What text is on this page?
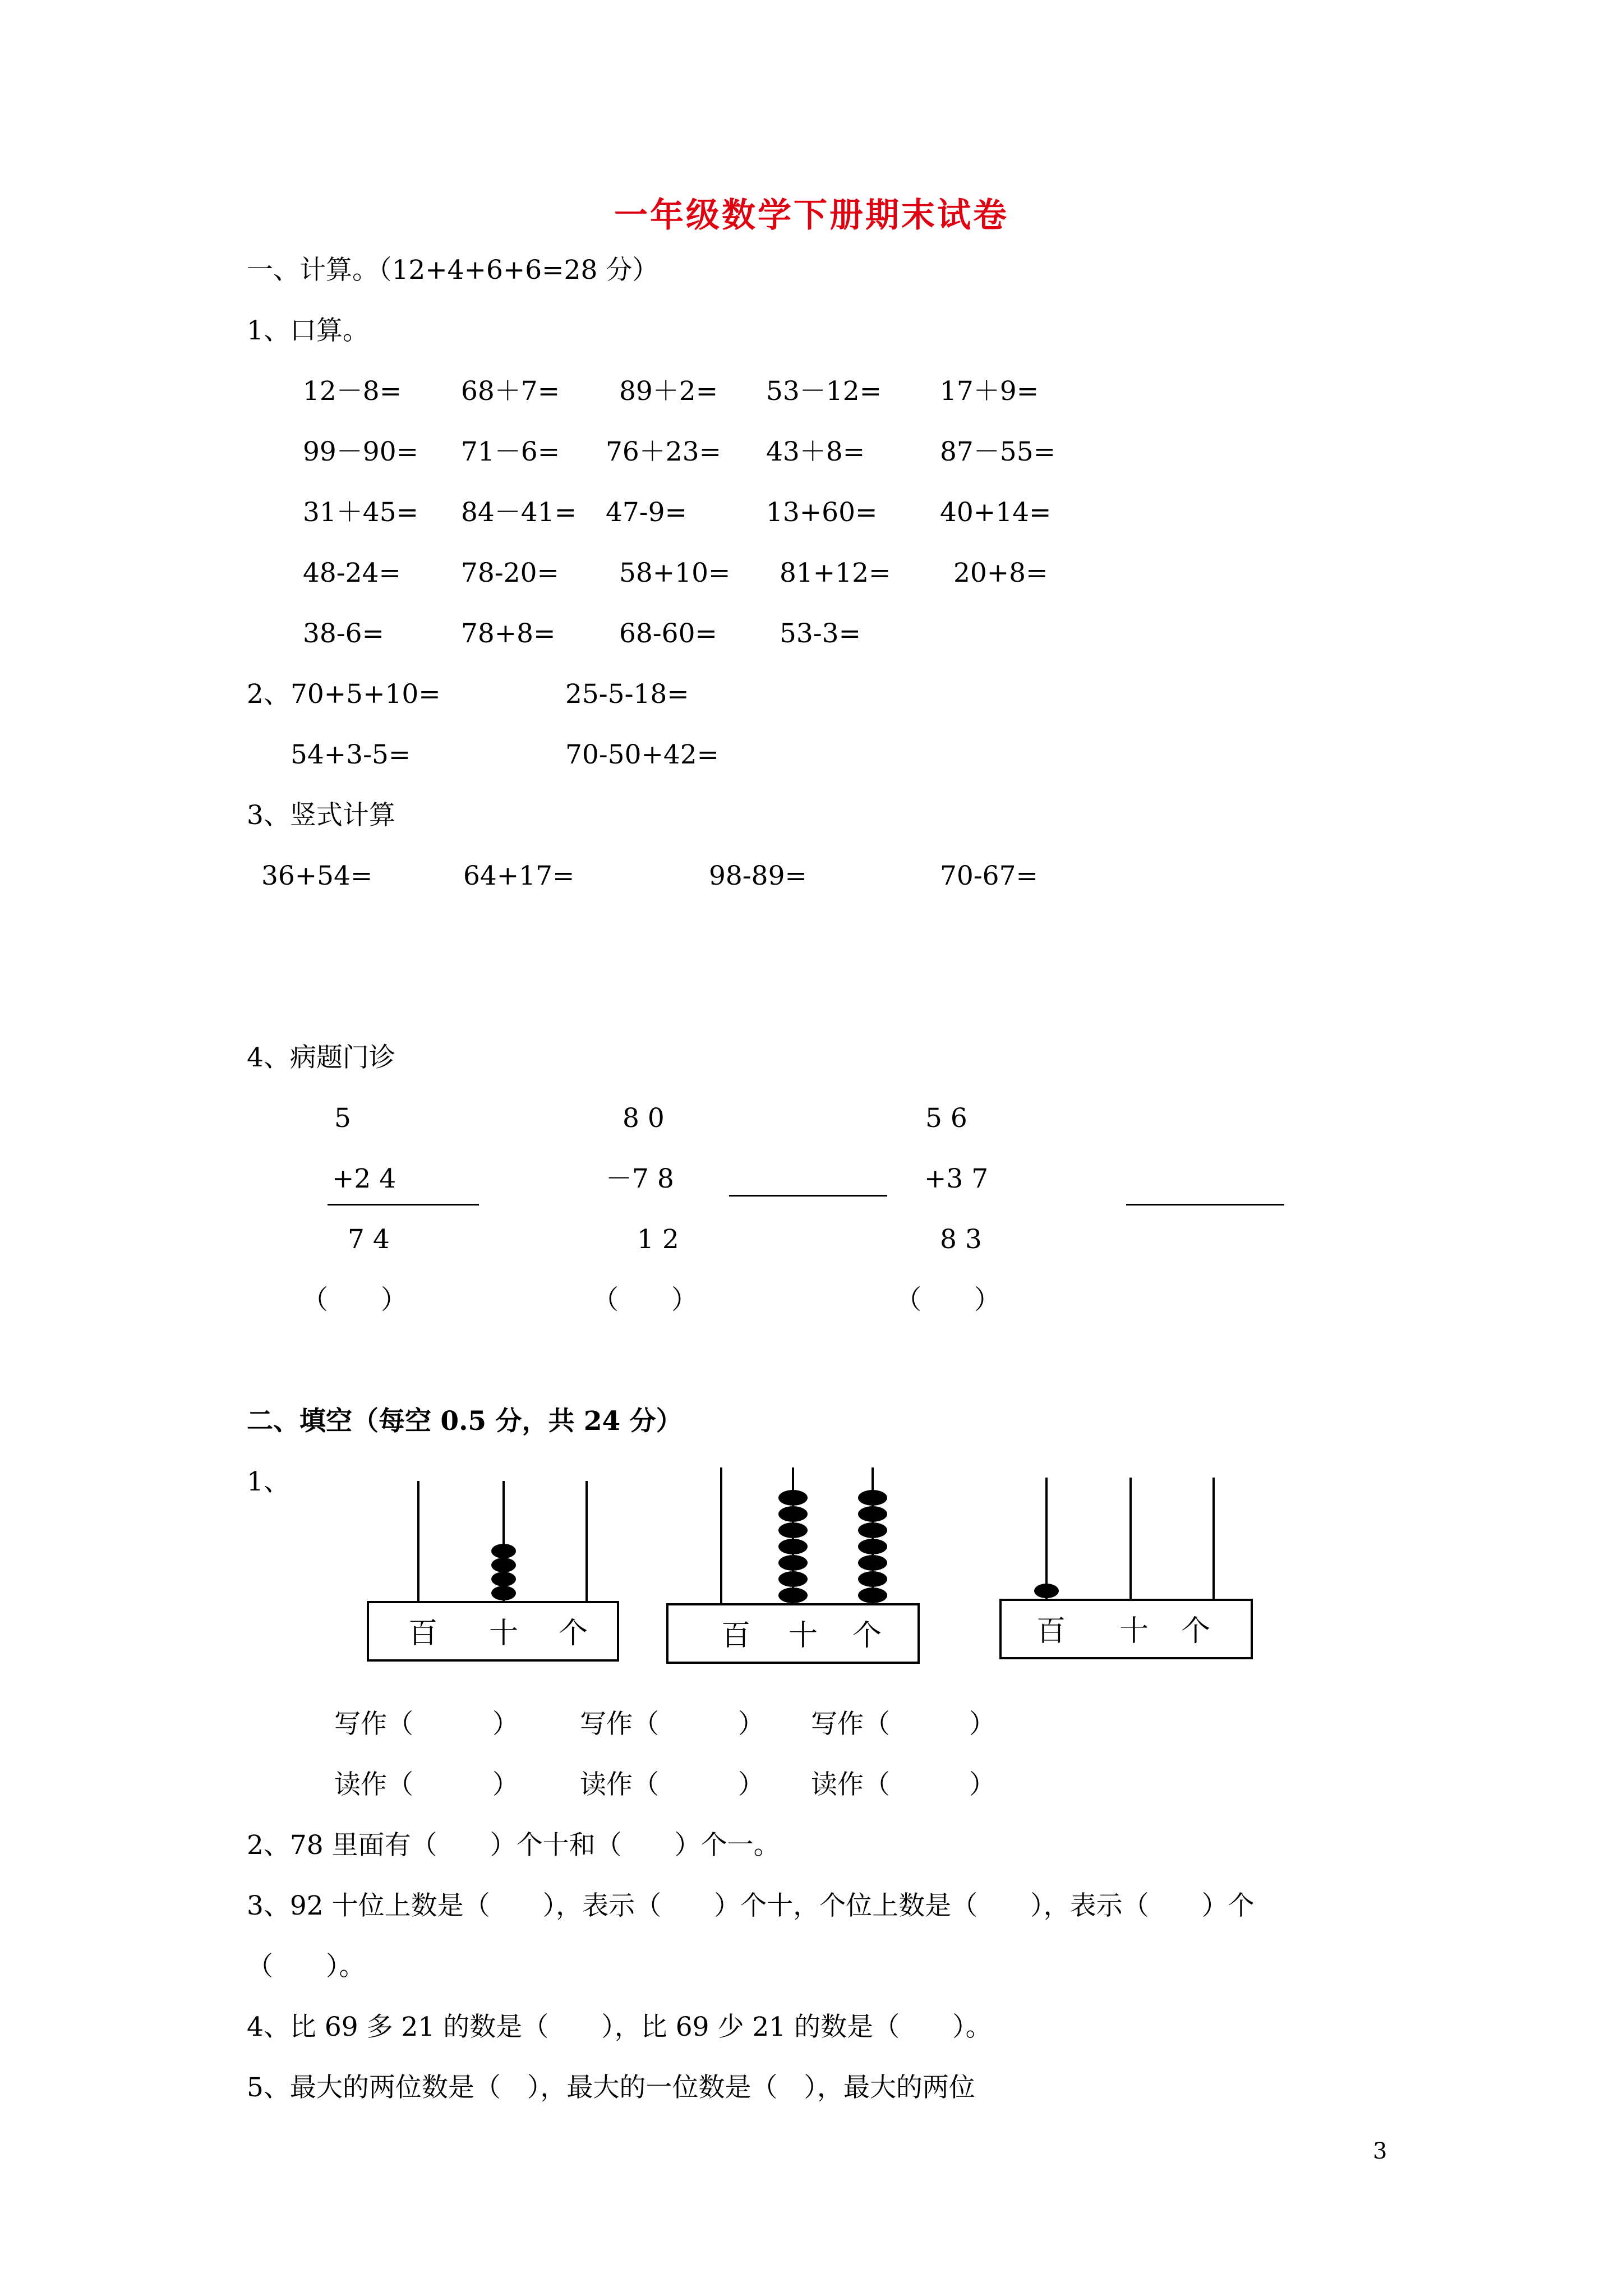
一年级数学下册期末试卷
一、计算。（12+4+6+6=28 分）
1、口算。
12－8= 68＋7= 89＋2= 53－12= 17＋9=
99－90= 71－6= 76＋23= 43＋8=	87－55=
31＋45= 84－41= 47-9=	13+60= 40+14=
48-24= 78-20= 58+10= 81+12= 20+8=
38-6=	78+8= 68-60= 53-3=
2、 70+5+10=	25-5-18=
54+3-5=	70-50+42=
3、竖式计算
36+54=	64+17=	98-89=	70-67=
4、病题门诊
5
+2 4
7 4
（　　）
8 0
－7 8
1 2
（　　）
5 6
+3 7
8 3
（　　）
二、填空（每空 0.5 分，共 24 分）
1、
百 十 个	百 十 个	百 十 个
写作（　　　） 写作（　　　） 写作（　　　）
读作（　　　） 读作（　　　） 读作（　　　）
2、78 里面有（　　）个十和（　　）个一。
3、92 十位上数是（　　），表示（　　）个十，个位上数是（　　），表示（　　）个
（　　）。
4、比 69 多 21 的数是（　　），比 69 少 21 的数是（　　）。
5、最大的两位数是（　），最大的一位数是（　），最大的两位
3
